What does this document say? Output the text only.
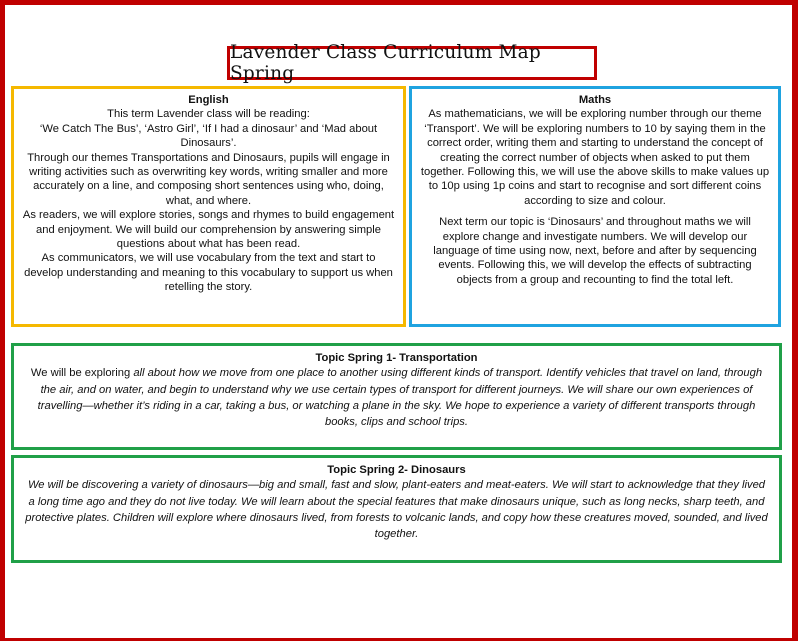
Lavender Class Curriculum Map Spring

English

This term Lavender class will be reading:

‘We Catch The Bus’, ‘Astro Girl’, ‘If I had a dinosaur’ and ‘Mad about Dinosaurs’.

Through our themes Transportations and Dinosaurs, pupils will engage in writing activities such as overwriting key words, writing smaller and more accurately on a line, and composing short sentences using who, doing, what, and where.

As readers, we will explore stories, songs and rhymes to build engagement and enjoyment. We will build our comprehension by answering simple questions about what has been read.

As communicators, we will use vocabulary from the text and start to develop understanding and meaning to this vocabulary to support us when retelling the story.

Maths

As mathematicians, we will be exploring number through our theme ‘Transport’. We will be exploring numbers to 10 by saying them in the correct order, writing them and starting to understand the concept of creating the correct number of objects when asked to put them together. Following this, we will use the above skills to make values up to 10p using 1p coins and start to recognise and sort different coins according to size and colour.

Next term our topic is ‘Dinosaurs’ and throughout maths we will explore change and investigate numbers. We will develop our language of time using now, next, before and after by sequencing events. Following this, we will develop the effects of subtracting objects from a group and recounting to find the total left.

Topic Spring 1- Transportation

We will be exploring all about how we move from one place to another using different kinds of transport. Identify vehicles that travel on land, through the air, and on water, and begin to understand why we use certain types of transport for different journeys. We will share our own experiences of travelling—whether it’s riding in a car, taking a bus, or watching a plane in the sky. We hope to experience a variety of different transports through books, clips and school trips.

Topic Spring 2- Dinosaurs

We will be discovering a variety of dinosaurs—big and small, fast and slow, plant-eaters and meat-eaters. We will start to acknowledge that they lived a long time ago and they do not live today. We will learn about the special features that make dinosaurs unique, such as long necks, sharp teeth, and protective plates. Children will explore where dinosaurs lived, from forests to volcanic lands, and copy how these creatures moved, sounded, and lived together.
